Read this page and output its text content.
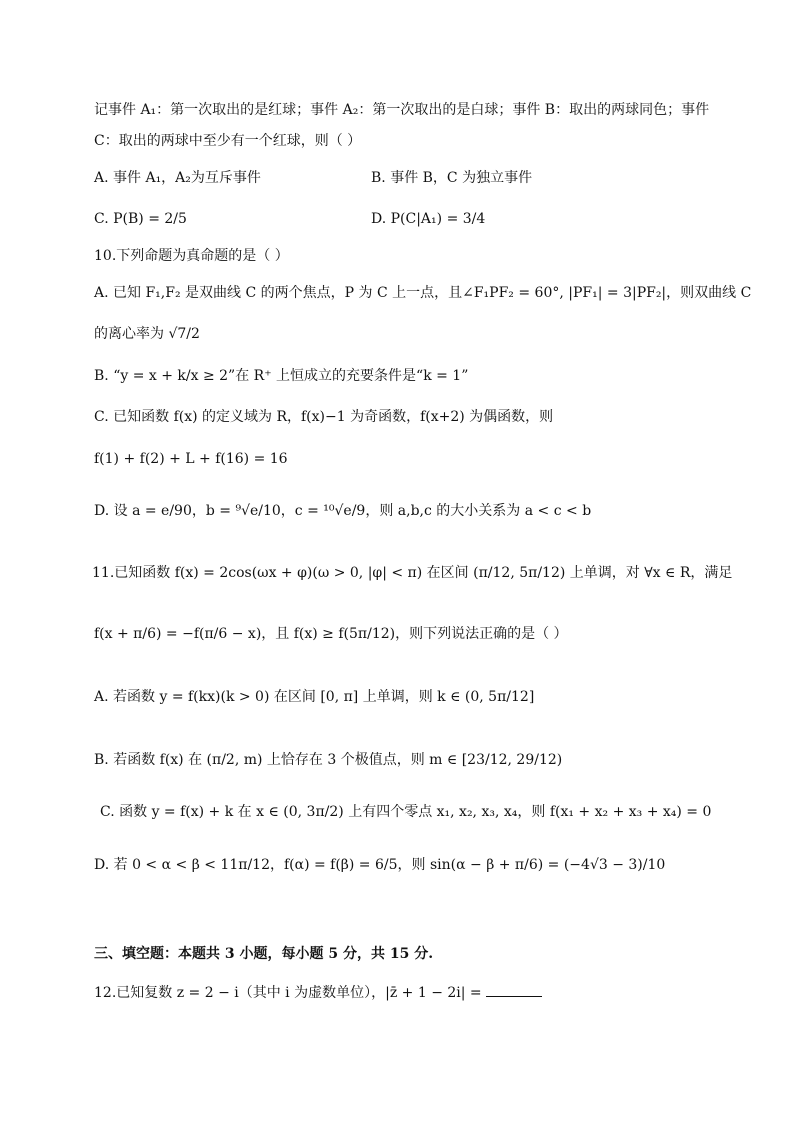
记事件 A₁：第一次取出的是红球；事件 A₂：第一次取出的是白球；事件 B：取出的两球同色；事件
C：取出的两球中至少有一个红球，则（ ）
A. 事件 A₁，A₂为互斥事件	B. 事件 B，C 为独立事件
C. P(B) = 2/5	D. P(C|A₁) = 3/4
10.下列命题为真命题的是（ ）
A. 已知 F₁,F₂ 是双曲线 C 的两个焦点，P 为 C 上一点，且∠F₁PF₂ = 60°, |PF₁| = 3|PF₂|，则双曲线 C
的离心率为 √7/2
B. “y = x + k/x ≥ 2”在 R⁺ 上恒成立的充要条件是“k = 1”
C. 已知函数 f(x) 的定义域为 R，f(x)−1 为奇函数，f(x+2) 为偶函数，则
f(1) + f(2) + L + f(16) = 16
D. 设 a = e/90，b = ⁹√e/10，c = ¹⁰√e/9，则 a,b,c 的大小关系为 a < c < b
11.已知函数 f(x) = 2cos(ωx + φ)(ω > 0, |φ| < π) 在区间 (π/12, 5π/12) 上单调，对 ∀x ∈ R，满足
f(x + π/6) = −f(π/6 − x)，且 f(x) ≥ f(5π/12)，则下列说法正确的是（ ）
A. 若函数 y = f(kx)(k > 0) 在区间 [0, π] 上单调，则 k ∈ (0, 5π/12]
B. 若函数 f(x) 在 (π/2, m) 上恰存在 3 个极值点，则 m ∈ [23/12, 29/12)
C. 函数 y = f(x) + k 在 x ∈ (0, 3π/2) 上有四个零点 x₁, x₂, x₃, x₄，则 f(x₁ + x₂ + x₃ + x₄) = 0
D. 若 0 < α < β < 11π/12，f(α) = f(β) = 6/5，则 sin(α − β + π/6) = (−4√3 − 3)/10
三、填空题：本题共 3 小题，每小题 5 分，共 15 分.
12.已知复数 z = 2 − i（其中 i 为虚数单位），|z̄ + 1 − 2i| =
